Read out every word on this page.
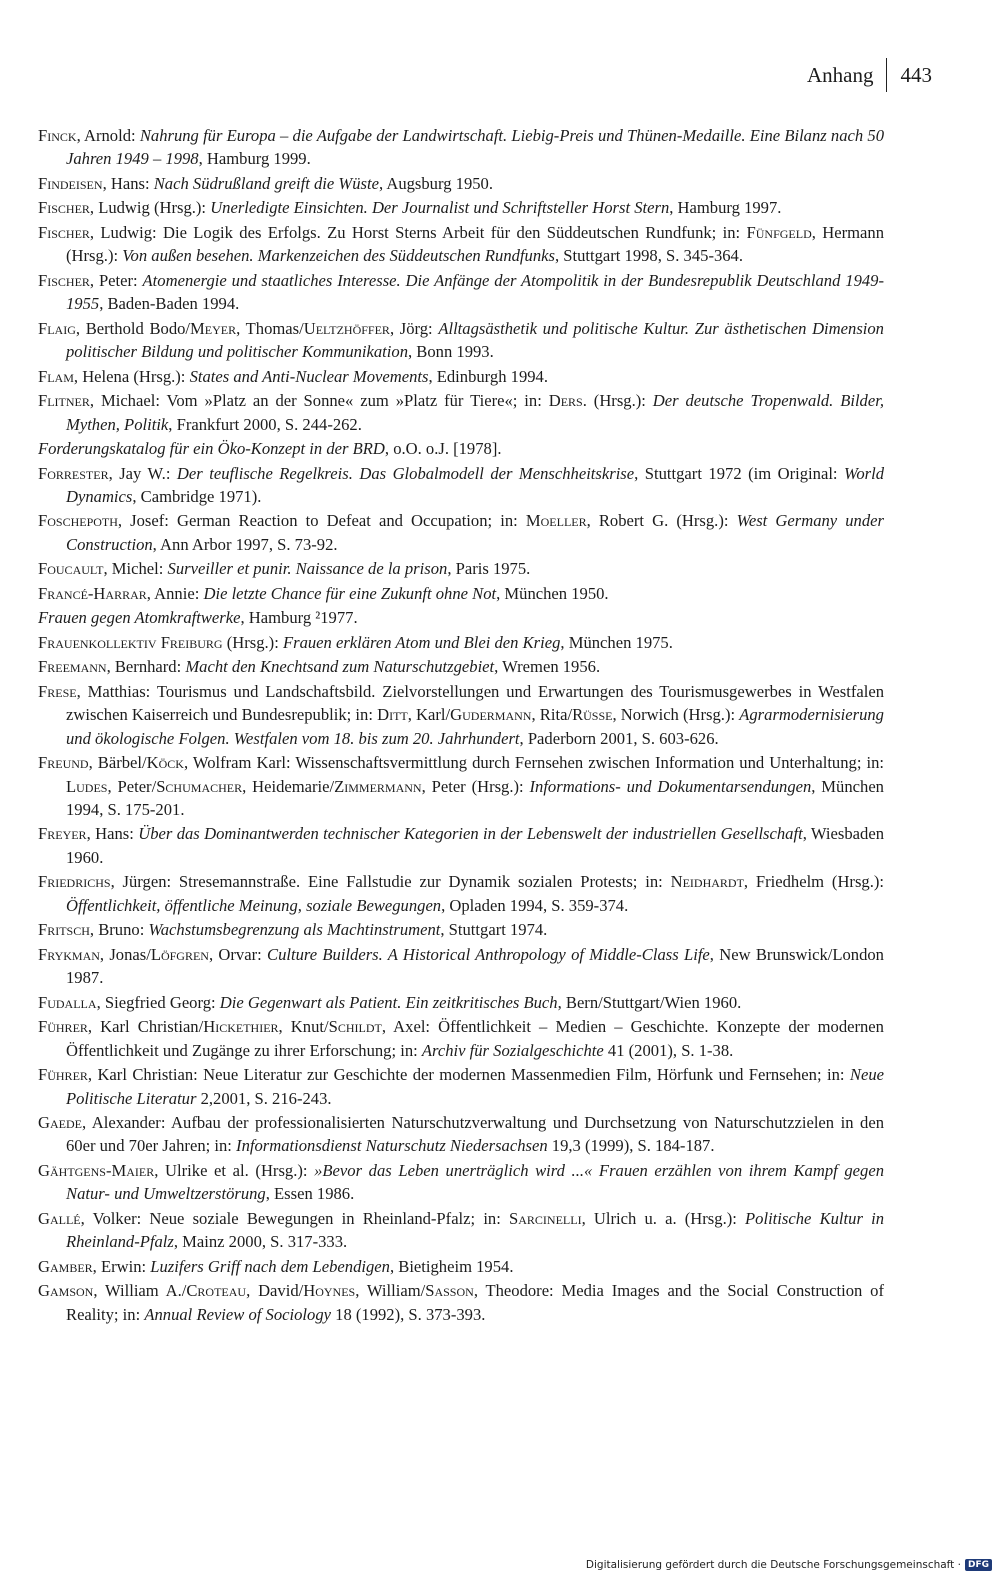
Anhang 443

Finck, Arnold: Nahrung für Europa – die Aufgabe der Landwirtschaft. Liebig-Preis und Thünen-Medaille. Eine Bilanz nach 50 Jahren 1949 – 1998, Hamburg 1999.

Findeisen, Hans: Nach Südrußland greift die Wüste, Augsburg 1950.

Fischer, Ludwig (Hrsg.): Unerledigte Einsichten. Der Journalist und Schriftsteller Horst Stern, Hamburg 1997.

Fischer, Ludwig: Die Logik des Erfolgs. Zu Horst Sterns Arbeit für den Süddeutschen Rundfunk; in: Fünfgeld, Hermann (Hrsg.): Von außen besehen. Markenzeichen des Süddeutschen Rundfunks, Stuttgart 1998, S. 345-364.

Fischer, Peter: Atomenergie und staatliches Interesse. Die Anfänge der Atompolitik in der Bundesrepublik Deutschland 1949-1955, Baden-Baden 1994.

Flaig, Berthold Bodo/Meyer, Thomas/Ueltzhöffer, Jörg: Alltagsästhetik und politische Kultur. Zur ästhetischen Dimension politischer Bildung und politischer Kommunikation, Bonn 1993.

Flam, Helena (Hrsg.): States and Anti-Nuclear Movements, Edinburgh 1994.

Flitner, Michael: Vom »Platz an der Sonne« zum »Platz für Tiere«; in: Ders. (Hrsg.): Der deutsche Tropenwald. Bilder, Mythen, Politik, Frankfurt 2000, S. 244-262.

Forderungskatalog für ein Öko-Konzept in der BRD, o.O. o.J. [1978].

Forrester, Jay W.: Der teuflische Regelkreis. Das Globalmodell der Menschheitskrise, Stuttgart 1972 (im Original: World Dynamics, Cambridge 1971).

Foschepoth, Josef: German Reaction to Defeat and Occupation; in: Moeller, Robert G. (Hrsg.): West Germany under Construction, Ann Arbor 1997, S. 73-92.

Foucault, Michel: Surveiller et punir. Naissance de la prison, Paris 1975.

Francé-Harrar, Annie: Die letzte Chance für eine Zukunft ohne Not, München 1950.

Frauen gegen Atomkraftwerke, Hamburg ²1977.

Frauenkollektiv Freiburg (Hrsg.): Frauen erklären Atom und Blei den Krieg, München 1975.

Freemann, Bernhard: Macht den Knechtsand zum Naturschutzgebiet, Wremen 1956.

Frese, Matthias: Tourismus und Landschaftsbild. Zielvorstellungen und Erwartungen des Tourismusgewerbes in Westfalen zwischen Kaiserreich und Bundesrepublik; in: Ditt, Karl/Gudermann, Rita/Rüsse, Norwich (Hrsg.): Agrarmodernisierung und ökologische Folgen. Westfalen vom 18. bis zum 20. Jahrhundert, Paderborn 2001, S. 603-626.

Freund, Bärbel/Köck, Wolfram Karl: Wissenschaftsvermittlung durch Fernsehen zwischen Information und Unterhaltung; in: Ludes, Peter/Schumacher, Heidemarie/Zimmermann, Peter (Hrsg.): Informations- und Dokumentarsendungen, München 1994, S. 175-201.

Freyer, Hans: Über das Dominantwerden technischer Kategorien in der Lebenswelt der industriellen Gesellschaft, Wiesbaden 1960.

Friedrichs, Jürgen: Stresemannstraße. Eine Fallstudie zur Dynamik sozialen Protests; in: Neidhardt, Friedhelm (Hrsg.): Öffentlichkeit, öffentliche Meinung, soziale Bewegungen, Opladen 1994, S. 359-374.

Fritsch, Bruno: Wachstumsbegrenzung als Machtinstrument, Stuttgart 1974.

Frykman, Jonas/Löfgren, Orvar: Culture Builders. A Historical Anthropology of Middle-Class Life, New Brunswick/London 1987.

Fudalla, Siegfried Georg: Die Gegenwart als Patient. Ein zeitkritisches Buch, Bern/Stuttgart/Wien 1960.

Führer, Karl Christian/Hickethier, Knut/Schildt, Axel: Öffentlichkeit – Medien – Geschichte. Konzepte der modernen Öffentlichkeit und Zugänge zu ihrer Erforschung; in: Archiv für Sozialgeschichte 41 (2001), S. 1-38.

Führer, Karl Christian: Neue Literatur zur Geschichte der modernen Massenmedien Film, Hörfunk und Fernsehen; in: Neue Politische Literatur 2,2001, S. 216-243.

Gaede, Alexander: Aufbau der professionalisierten Naturschutzverwaltung und Durchsetzung von Naturschutzzielen in den 60er und 70er Jahren; in: Informationsdienst Naturschutz Niedersachsen 19,3 (1999), S. 184-187.

Gähtgens-Maier, Ulrike et al. (Hrsg.): »Bevor das Leben unerträglich wird ...« Frauen erzählen von ihrem Kampf gegen Natur- und Umweltzerstörung, Essen 1986.

Gallé, Volker: Neue soziale Bewegungen in Rheinland-Pfalz; in: Sarcinelli, Ulrich u. a. (Hrsg.): Politische Kultur in Rheinland-Pfalz, Mainz 2000, S. 317-333.

Gamber, Erwin: Luzifers Griff nach dem Lebendigen, Bietigheim 1954.

Gamson, William A./Croteau, David/Hoynes, William/Sasson, Theodore: Media Images and the Social Construction of Reality; in: Annual Review of Sociology 18 (1992), S. 373-393.

Digitalisierung gefördert durch die Deutsche Forschungsgemeinschaft · DFG
